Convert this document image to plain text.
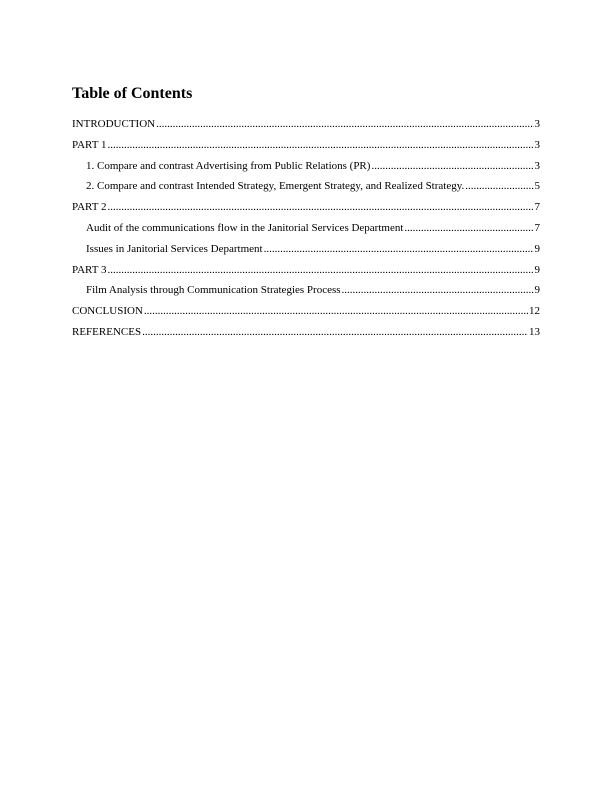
Table of Contents
INTRODUCTION .....	3
PART 1 .....	3
1. Compare and contrast Advertising from Public Relations (PR) .....	3
2. Compare and contrast Intended Strategy, Emergent Strategy, and Realized Strategy. .....	5
PART 2 .....	7
Audit of the communications flow in the Janitorial Services Department .....	7
Issues in Janitorial Services Department .....	9
PART 3 .....	9
Film Analysis through Communication Strategies Process .....	9
CONCLUSION .....	12
REFERENCES .....	13
